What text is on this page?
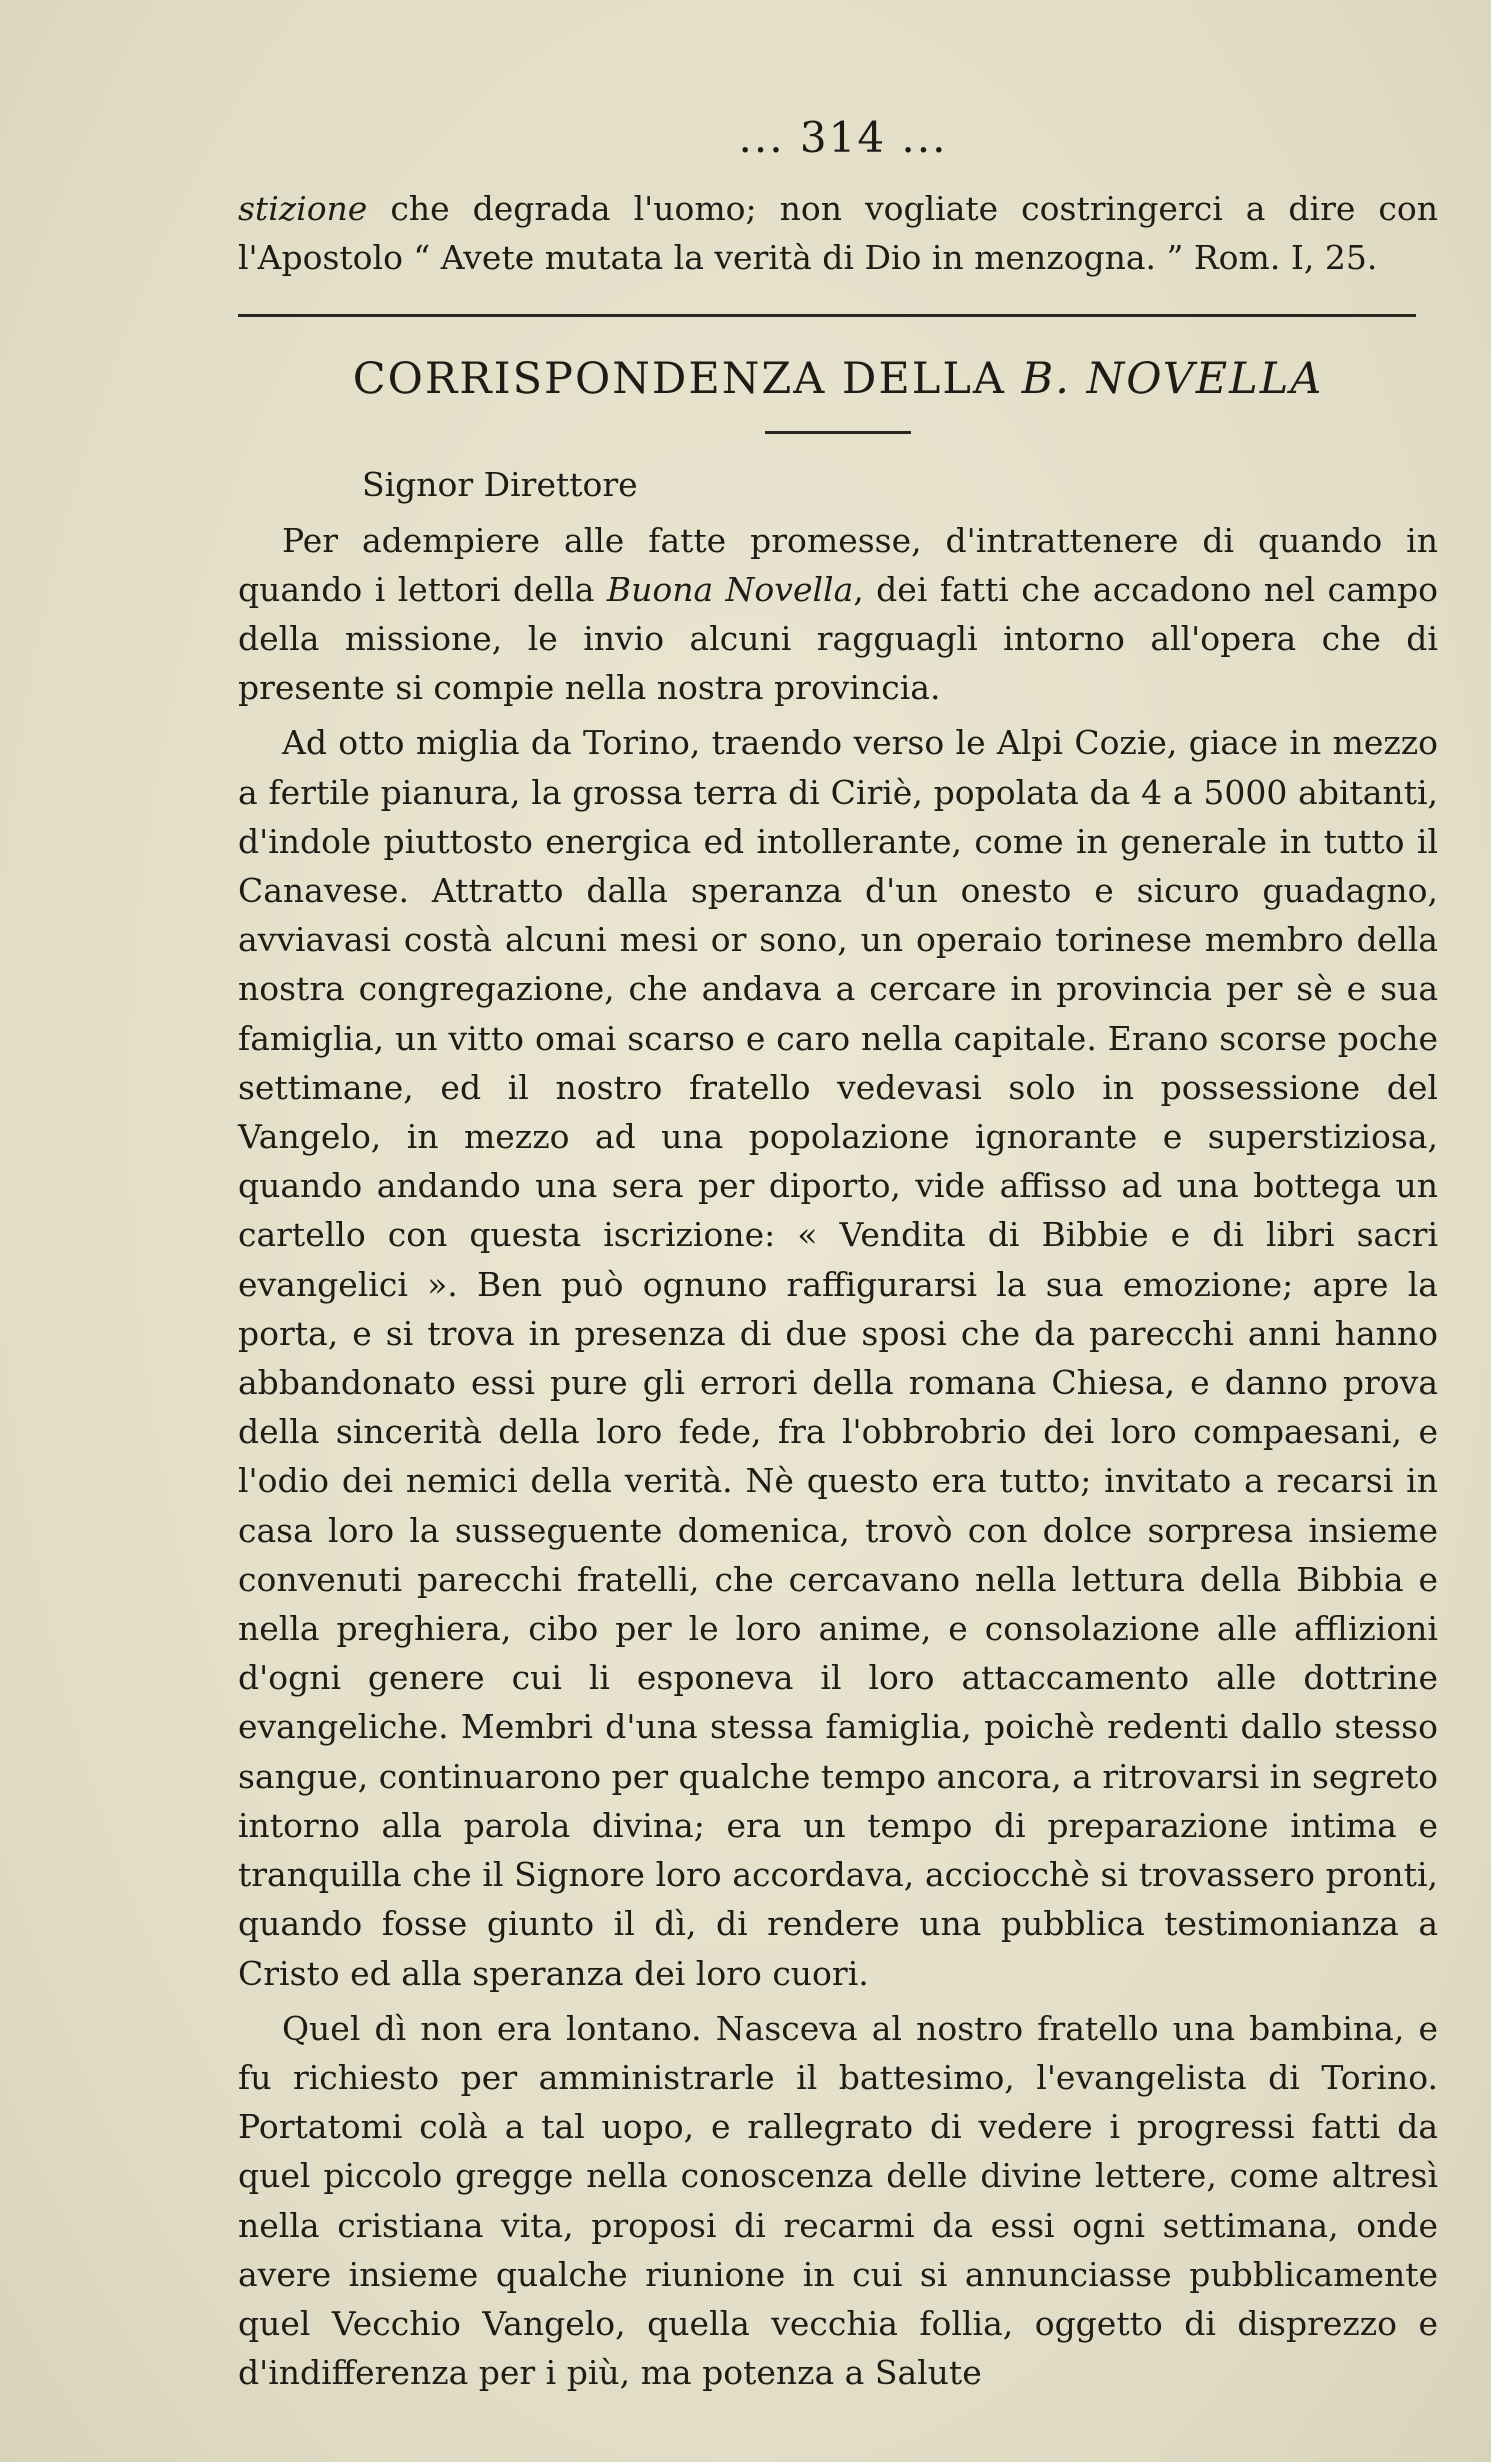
... 314 ...

stizione che degrada l'uomo; non vogliate costringerci a dire con l'Apostolo “ Avete mutata la verità di Dio in menzogna. ” Rom. I, 25.

CORRISPONDENZA DELLA B. NOVELLA
Signor Direttore

Per adempiere alle fatte promesse, d'intrattenere di quando in quando i lettori della Buona Novella, dei fatti che accadono nel campo della missione, le invio alcuni ragguagli intorno all'opera che di presente si compie nella nostra provincia.

Ad otto miglia da Torino, traendo verso le Alpi Cozie, giace in mezzo a fertile pianura, la grossa terra di Ciriè, popolata da 4 a 5000 abitanti, d'indole piuttosto energica ed intollerante, come in generale in tutto il Canavese. Attratto dalla speranza d'un onesto e sicuro guadagno, avviavasi costà alcuni mesi or sono, un operaio torinese membro della nostra congregazione, che andava a cercare in provincia per sè e sua famiglia, un vitto omai scarso e caro nella capitale. Erano scorse poche settimane, ed il nostro fratello vedevasi solo in possessione del Vangelo, in mezzo ad una popolazione ignorante e superstiziosa, quando andando una sera per diporto, vide affisso ad una bottega un cartello con questa iscrizione: « Vendita di Bibbie e di libri sacri evangelici ». Ben può ognuno raffigurarsi la sua emozione; apre la porta, e si trova in presenza di due sposi che da parecchi anni hanno abbandonato essi pure gli errori della romana Chiesa, e danno prova della sincerità della loro fede, fra l'obbrobrio dei loro compaesani, e l'odio dei nemici della verità. Nè questo era tutto; invitato a recarsi in casa loro la susseguente domenica, trovò con dolce sorpresa insieme convenuti parecchi fratelli, che cercavano nella lettura della Bibbia e nella preghiera, cibo per le loro anime, e consolazione alle afflizioni d'ogni genere cui li esponeva il loro attaccamento alle dottrine evangeliche. Membri d'una stessa famiglia, poichè redenti dallo stesso sangue, continuarono per qualche tempo ancora, a ritrovarsi in segreto intorno alla parola divina; era un tempo di preparazione intima e tranquilla che il Signore loro accordava, acciocchè si trovassero pronti, quando fosse giunto il dì, di rendere una pubblica testimonianza a Cristo ed alla speranza dei loro cuori.

Quel dì non era lontano. Nasceva al nostro fratello una bambina, e fu richiesto per amministrarle il battesimo, l'evangelista di Torino. Portatomi colà a tal uopo, e rallegrato di vedere i progressi fatti da quel piccolo gregge nella conoscenza delle divine lettere, come altresì nella cristiana vita, proposi di recarmi da essi ogni settimana, onde avere insieme qualche riunione in cui si annunciasse pubblicamente quel Vecchio Vangelo, quella vecchia follia, oggetto di disprezzo e d'indifferenza per i più, ma potenza a Salute
